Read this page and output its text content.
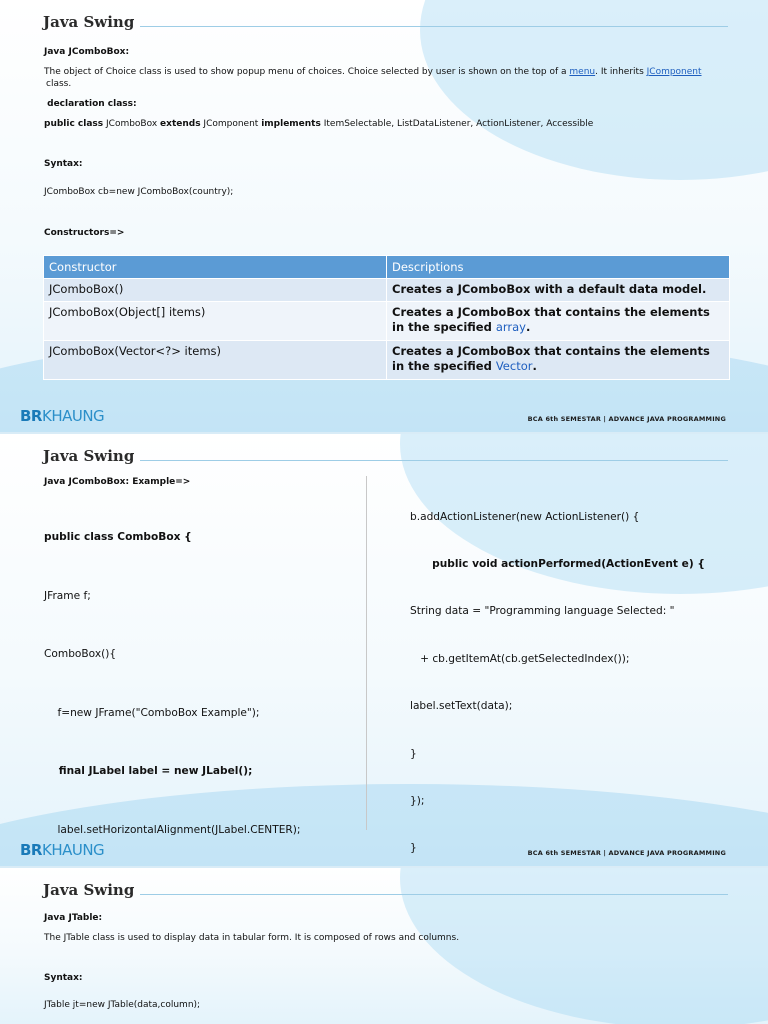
Java Swing
Java JComboBox:
The object of Choice class is used to show popup menu of choices. Choice selected by user is shown on the top of a menu. It inherits JComponent
class.
declaration class:
public class JComboBox extends JComponent implements ItemSelectable, ListDataListener, ActionListener, Accessible
Syntax:
JComboBox cb=new JComboBox(country);
Constructors=>
Constructor	Descriptions
JComboBox()	Creates a JComboBox with a default data model.
JComboBox(Object[] items)	Creates a JComboBox that contains the elements in the specified array.
JComboBox(Vector<?> items)	Creates a JComboBox that contains the elements in the specified Vector.
BRKHAUNG	BCA 6th SEMESTAR | ADVANCE JAVA PROGRAMMING
Java Swing
Java JComboBox: Example=>

public class ComboBox {

JFrame f;

ComboBox(){

f=new JFrame("ComboBox Example");

final JLabel label = new JLabel();

label.setHorizontalAlignment(JLabel.CENTER);

b.addActionListener(new ActionListener() {

public void actionPerformed(ActionEvent e) {

String data = "Programming language Selected: "

+ cb.getItemAt(cb.getSelectedIndex());

label.setText(data);

}

});

}

BRKHAUNG	BCA 6th SEMESTAR | ADVANCE JAVA PROGRAMMING
Java Swing
Java JTable:
The JTable class is used to display data in tabular form. It is composed of rows and columns.
Syntax:
JTable jt=new JTable(data,column);
